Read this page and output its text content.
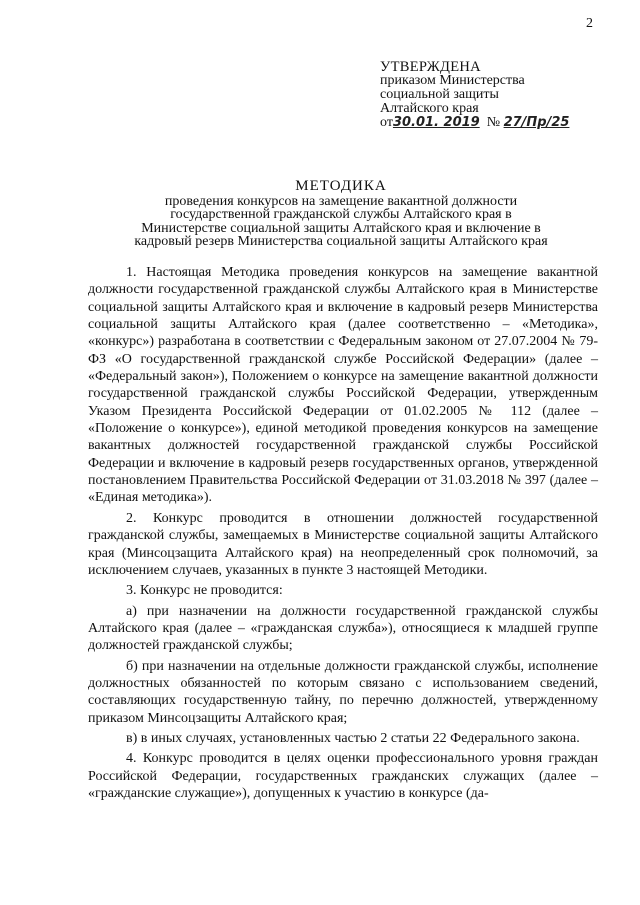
2
УТВЕРЖДЕНА
приказом Министерства
социальной защиты
Алтайского края
от30.01. 2019 № 27/Пр/25
МЕТОДИКА
проведения конкурсов на замещение вакантной должности государственной гражданской службы Алтайского края в Министерстве социальной защиты Алтайского края и включение в кадровый резерв Министерства социальной защиты Алтайского края

1. Настоящая Методика проведения конкурсов на замещение вакантной должности государственной гражданской службы Алтайского края в Министерстве социальной защиты Алтайского края и включение в кадровый резерв Министерства социальной защиты Алтайского края (далее соответственно – «Методика», «конкурс») разработана в соответствии с Федеральным законом от 27.07.2004 № 79-ФЗ «О государственной гражданской службе Российской Федерации» (далее – «Федеральный закон»), Положением о конкурсе на замещение вакантной должности государственной гражданской службы Российской Федерации, утвержденным Указом Президента Российской Федерации от 01.02.2005 № 112 (далее – «Положение о конкурсе»), единой методикой проведения конкурсов на замещение вакантных должностей государственной гражданской службы Российской Федерации и включение в кадровый резерв государственных органов, утвержденной постановлением Правительства Российской Федерации от 31.03.2018 № 397 (далее – «Единая методика»).

2. Конкурс проводится в отношении должностей государственной гражданской службы, замещаемых в Министерстве социальной защиты Алтайского края (Минсоцзащита Алтайского края) на неопределенный срок полномочий, за исключением случаев, указанных в пункте 3 настоящей Методики.

3. Конкурс не проводится:

а) при назначении на должности государственной гражданской службы Алтайского края (далее – «гражданская служба»), относящиеся к младшей группе должностей гражданской службы;

б) при назначении на отдельные должности гражданской службы, исполнение должностных обязанностей по которым связано с использованием сведений, составляющих государственную тайну, по перечню должностей, утвержденному приказом Минсоцзащиты Алтайского края;

в) в иных случаях, установленных частью 2 статьи 22 Федерального закона.

4. Конкурс проводится в целях оценки профессионального уровня граждан Российской Федерации, государственных гражданских служащих (далее – «гражданские служащие»), допущенных к участию в конкурсе (да-
